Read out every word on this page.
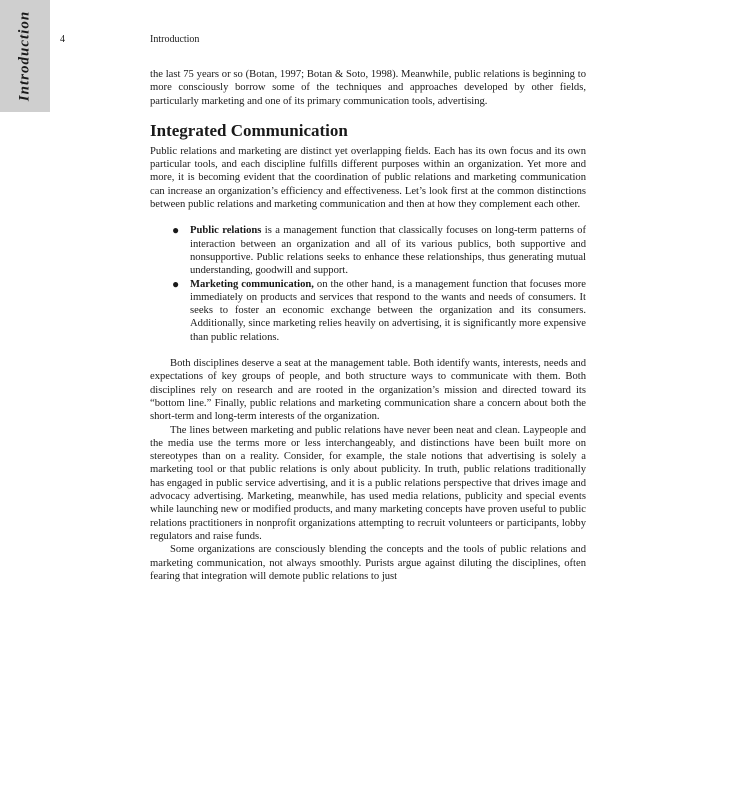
Introduction	4	Introduction

the last 75 years or so (Botan, 1997; Botan & Soto, 1998). Meanwhile, public relations is beginning to more consciously borrow some of the techniques and approaches developed by other fields, particularly marketing and one of its primary communication tools, advertising.

Integrated Communication

Public relations and marketing are distinct yet overlapping fields. Each has its own focus and its own particular tools, and each discipline fulfills different purposes within an organization. Yet more and more, it is becoming evident that the coordination of public relations and marketing communication can increase an organization’s efficiency and effectiveness. Let’s look first at the common distinctions between public relations and marketing communication and then at how they complement each other.

● Public relations is a management function that classically focuses on long-term patterns of interaction between an organization and all of its various publics, both supportive and nonsupportive. Public relations seeks to enhance these relationships, thus generating mutual understanding, goodwill and support.
● Marketing communication, on the other hand, is a management function that focuses more immediately on products and services that respond to the wants and needs of consumers. It seeks to foster an economic exchange between the organization and its consumers. Additionally, since marketing relies heavily on advertising, it is significantly more expensive than public relations.

Both disciplines deserve a seat at the management table. Both identify wants, interests, needs and expectations of key groups of people, and both structure ways to communicate with them. Both disciplines rely on research and are rooted in the organization’s mission and directed toward its “bottom line.” Finally, public relations and marketing communication share a concern about both the short-term and long-term interests of the organization.

The lines between marketing and public relations have never been neat and clean. Laypeople and the media use the terms more or less interchangeably, and distinctions have been built more on stereotypes than on a reality. Consider, for example, the stale notions that advertising is solely a marketing tool or that public relations is only about publicity. In truth, public relations traditionally has engaged in public service advertising, and it is a public relations perspective that drives image and advocacy advertising. Marketing, meanwhile, has used media relations, publicity and special events while launching new or modified products, and many marketing concepts have proven useful to public relations practitioners in nonprofit organizations attempting to recruit volunteers or participants, lobby regulators and raise funds.

Some organizations are consciously blending the concepts and the tools of public relations and marketing communication, not always smoothly. Purists argue against diluting the disciplines, often fearing that integration will demote public relations to just
